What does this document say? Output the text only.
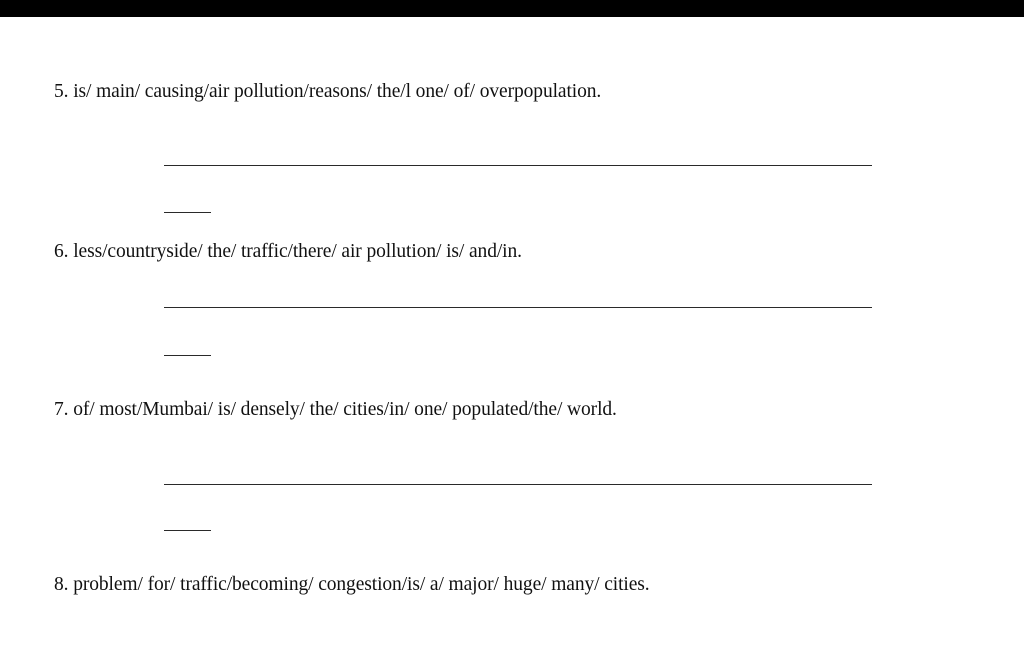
5. is/ main/ causing/air pollution/reasons/ the/l one/ of/ overpopulation.
6. less/countryside/ the/ traffic/there/ air pollution/ is/ and/in.
7. of/ most/Mumbai/ is/ densely/ the/ cities/in/ one/ populated/the/ world.
8. problem/ for/ traffic/becoming/ congestion/is/ a/ major/ huge/ many/ cities.
